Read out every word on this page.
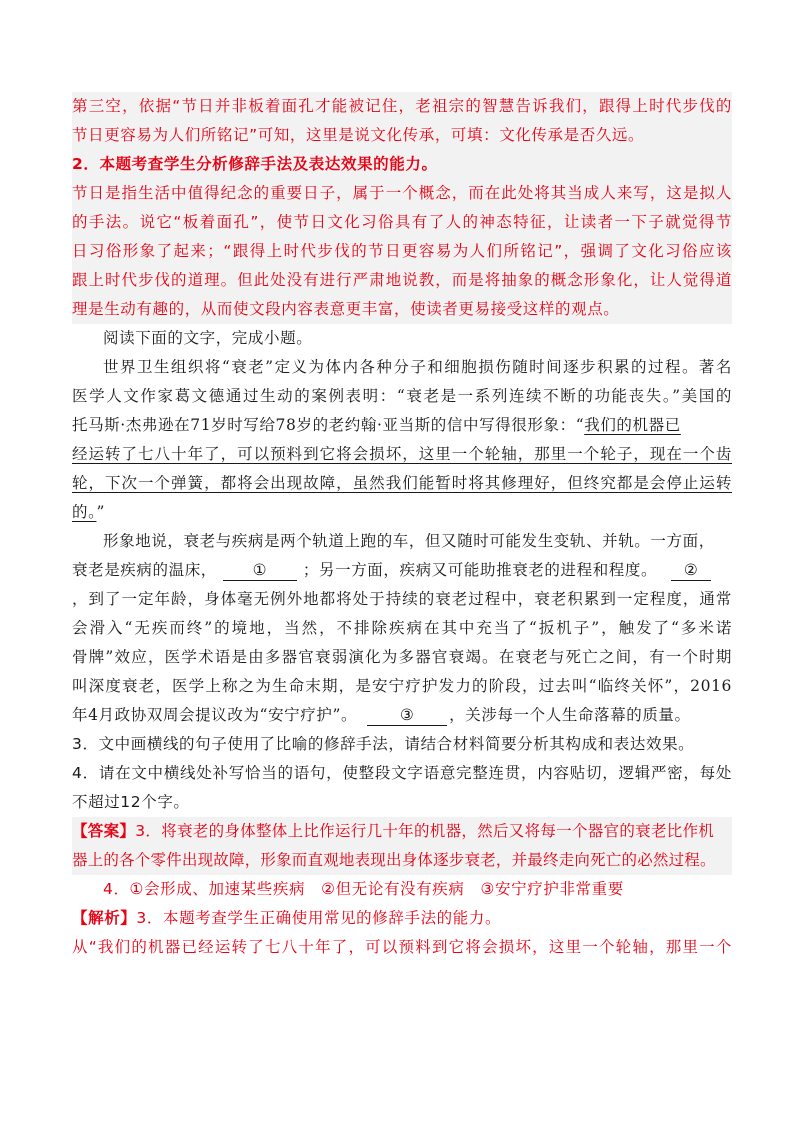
第三空，依据“节日并非板着面孔才能被记住，老祖宗的智慧告诉我们，跟得上时代步伐的
节日更容易为人们所铭记”可知，这里是说文化传承，可填：文化传承是否久远。
2．本题考查学生分析修辞手法及表达效果的能力。
节日是指生活中值得纪念的重要日子，属于一个概念，而在此处将其当成人来写，这是拟人
的手法。说它“板着面孔”，使节日文化习俗具有了人的神态特征，让读者一下子就觉得节
日习俗形象了起来；“跟得上时代步伐的节日更容易为人们所铭记”，强调了文化习俗应该
跟上时代步伐的道理。但此处没有进行严肃地说教，而是将抽象的概念形象化，让人觉得道
理是生动有趣的，从而使文段内容表意更丰富，使读者更易接受这样的观点。
阅读下面的文字，完成小题。
世界卫生组织将“衰老”定义为体内各种分子和细胞损伤随时间逐步积累的过程。著名
医学人文作家葛文德通过生动的案例表明：“衰老是一系列连续不断的功能丧失。”美国的
托马斯·杰弗逊在71岁时写给78岁的老约翰·亚当斯的信中写得很形象：“我们的机器已
经运转了七八十年了，可以预料到它将会损坏，这里一个轮轴，那里一个轮子，现在一个齿
轮，下次一个弹簧，都将会出现故障，虽然我们能暂时将其修理好，但终究都是会停止运转
的。”
形象地说，衰老与疾病是两个轨道上跑的车，但又随时可能发生变轨、并轨。一方面，
衰老是疾病的温床， ① ；另一方面，疾病又可能助推衰老的进程和程度。 ②
，到了一定年龄，身体毫无例外地都将处于持续的衰老过程中，衰老积累到一定程度，通常
会滑入“无疾而终”的境地，当然，不排除疾病在其中充当了“扳机子”，触发了“多米诺
骨牌”效应，医学术语是由多器官衰弱演化为多器官衰竭。在衰老与死亡之间，有一个时期
叫深度衰老，医学上称之为生命末期，是安宁疗护发力的阶段，过去叫“临终关怀”，2016
年4月政协双周会提议改为“安宁疗护”。	③ ，关涉每一个人生命落幕的质量。
3．文中画横线的句子使用了比喻的修辞手法，请结合材料简要分析其构成和表达效果。
4．请在文中横线处补写恰当的语句，使整段文字语意完整连贯，内容贴切，逻辑严密，每处
不超过12个字。
【答案】3．将衰老的身体整体上比作运行几十年的机器，然后又将每一个器官的衰老比作机
器上的各个零件出现故障，形象而直观地表现出身体逐步衰老，并最终走向死亡的必然过程。
4．①会形成、加速某些疾病　②但无论有没有疾病　③安宁疗护非常重要
【解析】3．本题考查学生正确使用常见的修辞手法的能力。
从“我们的机器已经运转了七八十年了，可以预料到它将会损坏，这里一个轮轴，那里一个
